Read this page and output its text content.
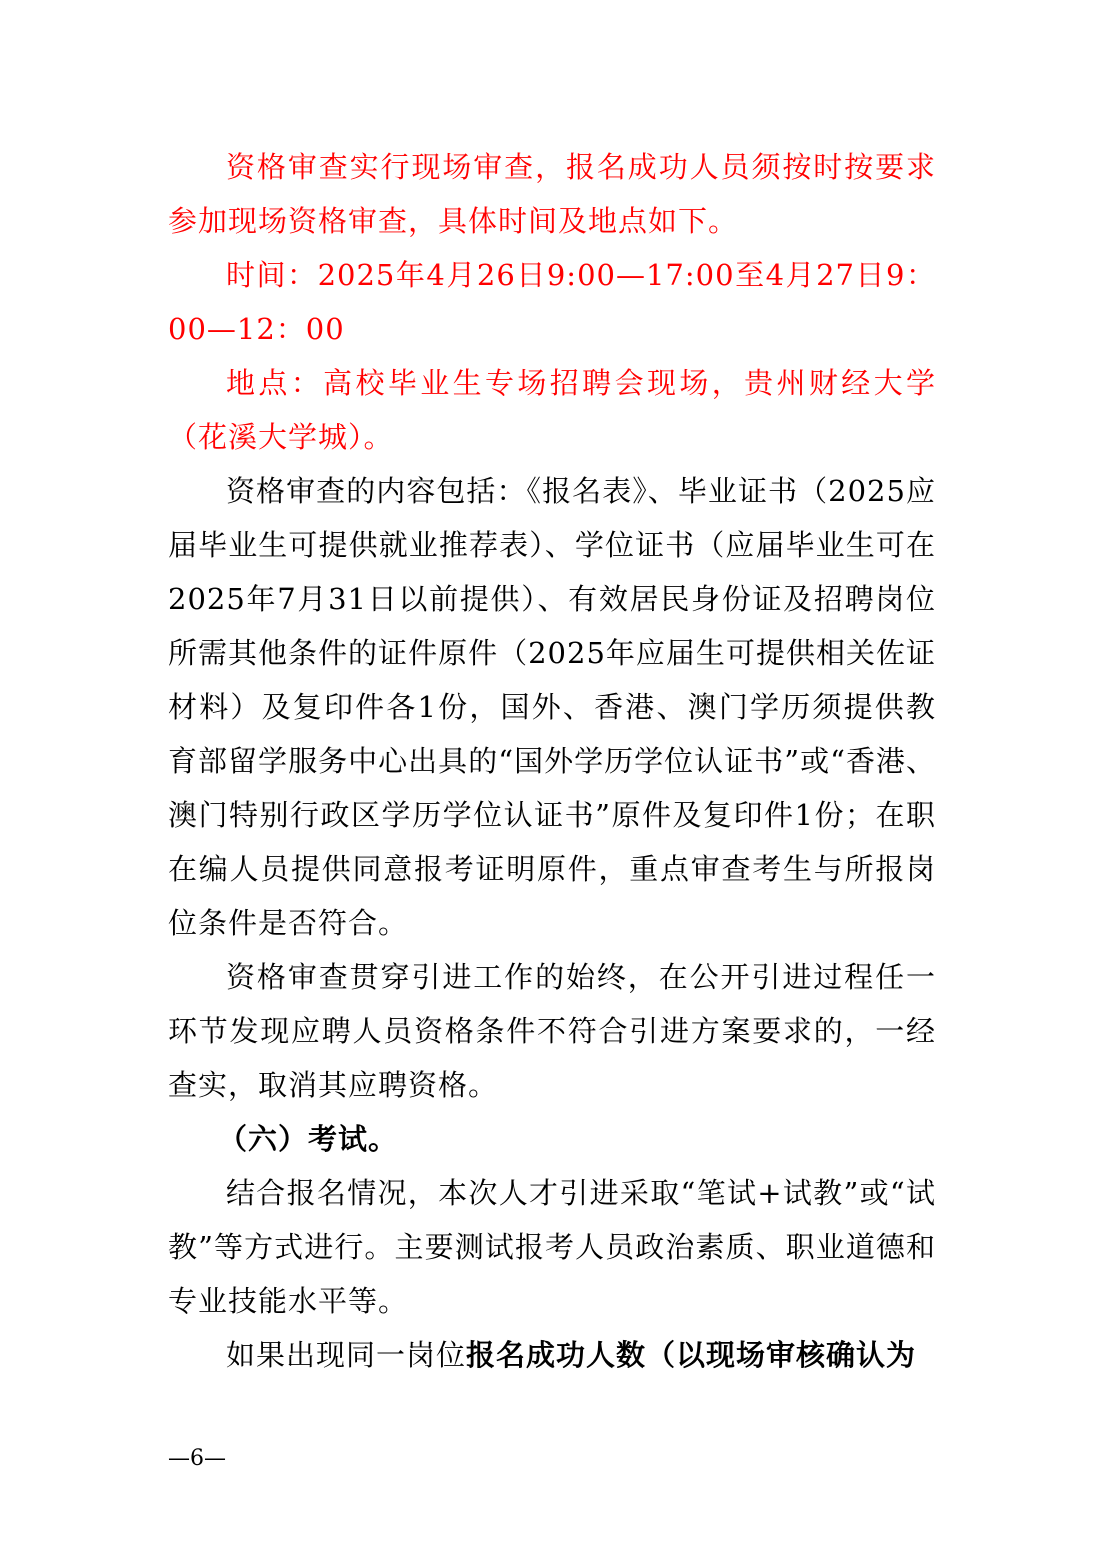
资格审查实行现场审查，报名成功人员须按时按要求参加现场资格审查，具体时间及地点如下。

时间：2025年4月26日9:00—17:00至4月27日9：00—12：00

地点：高校毕业生专场招聘会现场，贵州财经大学（花溪大学城）。

资格审查的内容包括：《报名表》、毕业证书（2025应届毕业生可提供就业推荐表）、学位证书（应届毕业生可在2025年7月31日以前提供）、有效居民身份证及招聘岗位所需其他条件的证件原件（2025年应届生可提供相关佐证材料）及复印件各1份，国外、香港、澳门学历须提供教育部留学服务中心出具的“国外学历学位认证书”或“香港、澳门特别行政区学历学位认证书”原件及复印件1份；在职在编人员提供同意报考证明原件，重点审查考生与所报岗位条件是否符合。

资格审查贯穿引进工作的始终，在公开引进过程任一环节发现应聘人员资格条件不符合引进方案要求的，一经查实，取消其应聘资格。

（六）考试。

结合报名情况，本次人才引进采取“笔试+试教”或“试教”等方式进行。主要测试报考人员政治素质、职业道德和专业技能水平等。

如果出现同一岗位报名成功人数（以现场审核确认为

—6—
